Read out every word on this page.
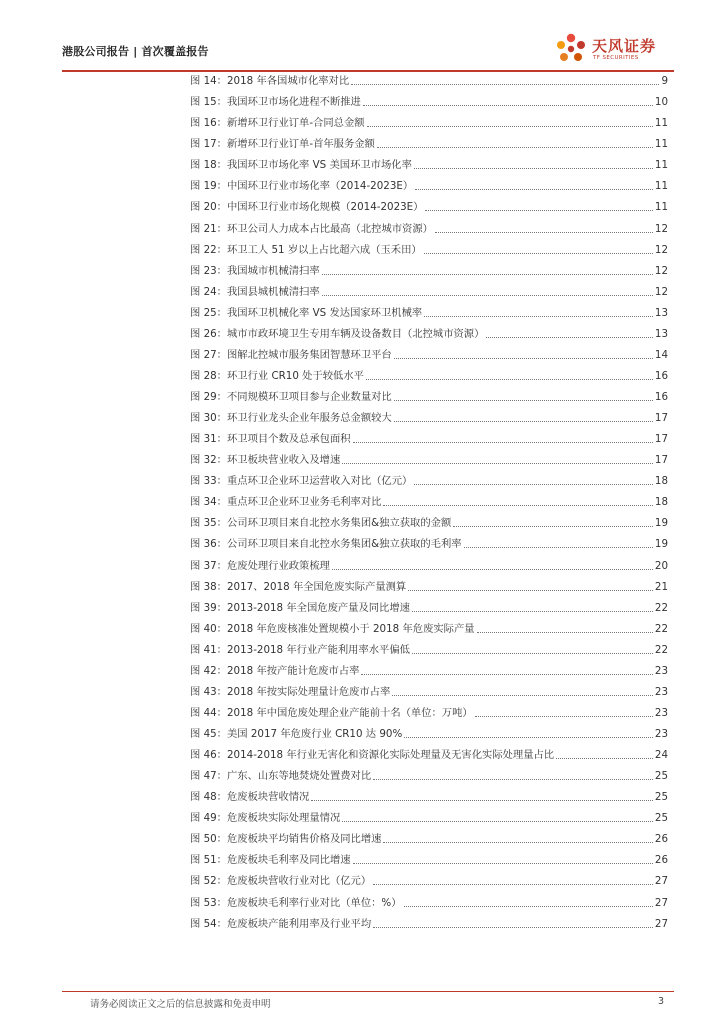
港股公司报告 | 首次覆盖报告	天风证券
TF SECURITIES
图 14： 2018 年各国城市化率对比	9
图 15： 我国环卫市场化进程不断推进	10
图 16： 新增环卫行业订单-合同总金额	11
图 17： 新增环卫行业订单-首年服务金额	11
图 18： 我国环卫市场化率 VS 美国环卫市场化率	11
图 19： 中国环卫行业市场化率（2014-2023E）	11
图 20： 中国环卫行业市场化规模（2014-2023E）	11
图 21： 环卫公司人力成本占比最高（北控城市资源）	12
图 22： 环卫工人 51 岁以上占比超六成（玉禾田）	12
图 23： 我国城市机械清扫率	12
图 24： 我国县城机械清扫率	12
图 25： 我国环卫机械化率 VS 发达国家环卫机械率	13
图 26： 城市市政环境卫生专用车辆及设备数目（北控城市资源）	13
图 27： 图解北控城市服务集团智慧环卫平台	14
图 28： 环卫行业 CR10 处于较低水平	16
图 29： 不同规模环卫项目参与企业数量对比	16
图 30： 环卫行业龙头企业年服务总金额较大	17
图 31： 环卫项目个数及总承包面积	17
图 32： 环卫板块营业收入及增速	17
图 33： 重点环卫企业环卫运营收入对比（亿元）	18
图 34： 重点环卫企业环卫业务毛利率对比	18
图 35： 公司环卫项目来自北控水务集团&独立获取的金额	19
图 36： 公司环卫项目来自北控水务集团&独立获取的毛利率	19
图 37： 危废处理行业政策梳理	20
图 38： 2017、2018 年全国危废实际产量测算	21
图 39： 2013-2018 年全国危废产量及同比增速	22
图 40： 2018 年危废核准处置规模小于 2018 年危废实际产量	22
图 41： 2013-2018 年行业产能利用率水平偏低	22
图 42： 2018 年按产能计危废市占率	23
图 43： 2018 年按实际处理量计危废市占率	23
图 44： 2018 年中国危废处理企业产能前十名（单位：万吨）	23
图 45： 美国 2017 年危废行业 CR10 达 90%	23
图 46： 2014-2018 年行业无害化和资源化实际处理量及无害化实际处理量占比	24
图 47： 广东、山东等地焚烧处置费对比	25
图 48： 危废板块营收情况	25
图 49： 危废板块实际处理量情况	25
图 50： 危废板块平均销售价格及同比增速	26
图 51： 危废板块毛利率及同比增速	26
图 52： 危废板块营收行业对比（亿元）	27
图 53： 危废板块毛利率行业对比（单位：%）	27
图 54： 危废板块产能利用率及行业平均	27
请务必阅读正文之后的信息披露和免责申明	3
